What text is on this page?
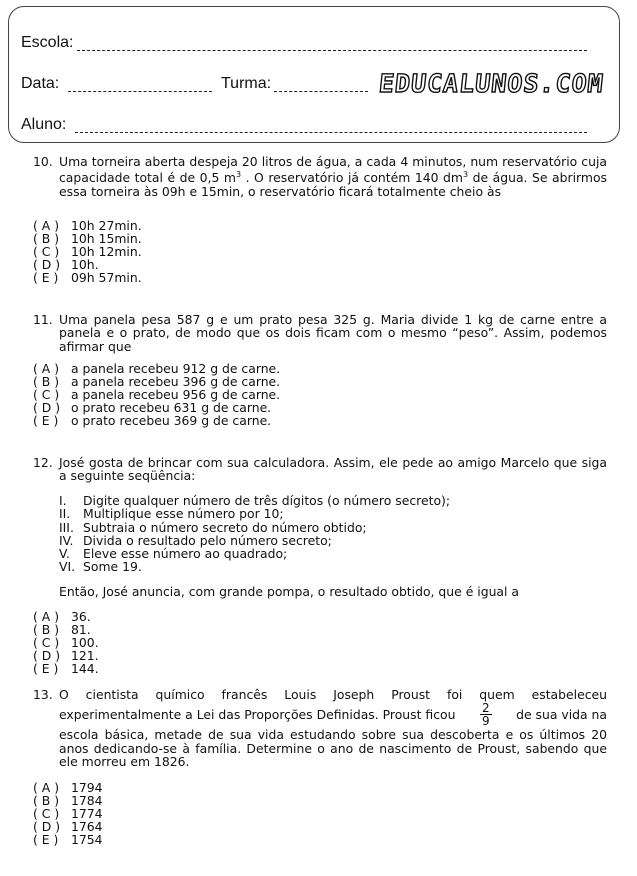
Escola:
Data:	Turma:	EDUCALUNOS.COM
Aluno:
10. Uma torneira aberta despeja 20 litros de água, a cada 4 minutos, num reservatório cuja capacidade total é de 0,5 $m^3$ . O reservatório já contém 140 $dm^3$ de água. Se abrirmos essa torneira às 09h e 15min, o reservatório ficará totalmente cheio às
( A ) 10h 27min.
( B ) 10h 15min.
( C ) 10h 12min.
( D ) 10h.
( E ) 09h 57min.
11. Uma panela pesa 587 g e um prato pesa 325 g. Maria divide 1 kg de carne entre a panela e o prato, de modo que os dois ficam com o mesmo “peso”. Assim, podemos afirmar que
( A ) a panela recebeu 912 g de carne.
( B ) a panela recebeu 396 g de carne.
( C ) a panela recebeu 956 g de carne.
( D ) o prato recebeu 631 g de carne.
( E ) o prato recebeu 369 g de carne.
12. José gosta de brincar com sua calculadora. Assim, ele pede ao amigo Marcelo que siga a seguinte seqüência:
I. Digite qualquer número de três dígitos (o número secreto);
II. Multiplique esse número por 10;
III. Subtraia o número secreto do número obtido;
IV. Divida o resultado pelo número secreto;
V. Eleve esse número ao quadrado;
VI. Some 19.
Então, José anuncia, com grande pompa, o resultado obtido, que é igual a
( A ) 36.
( B ) 81.
( C ) 100.
( D ) 121.
( E ) 144.
13. O cientista químico francês Louis Joseph Proust foi quem estabeleceu
experimentalmente a Lei das Proporções Definidas. Proust ficou $\frac{2}{9}$ de sua vida na
escola básica, metade de sua vida estudando sobre sua descoberta e os últimos 20 anos dedicando-se à família. Determine o ano de nascimento de Proust, sabendo que ele morreu em 1826.
( A ) 1794
( B ) 1784
( C ) 1774
( D ) 1764
( E ) 1754
